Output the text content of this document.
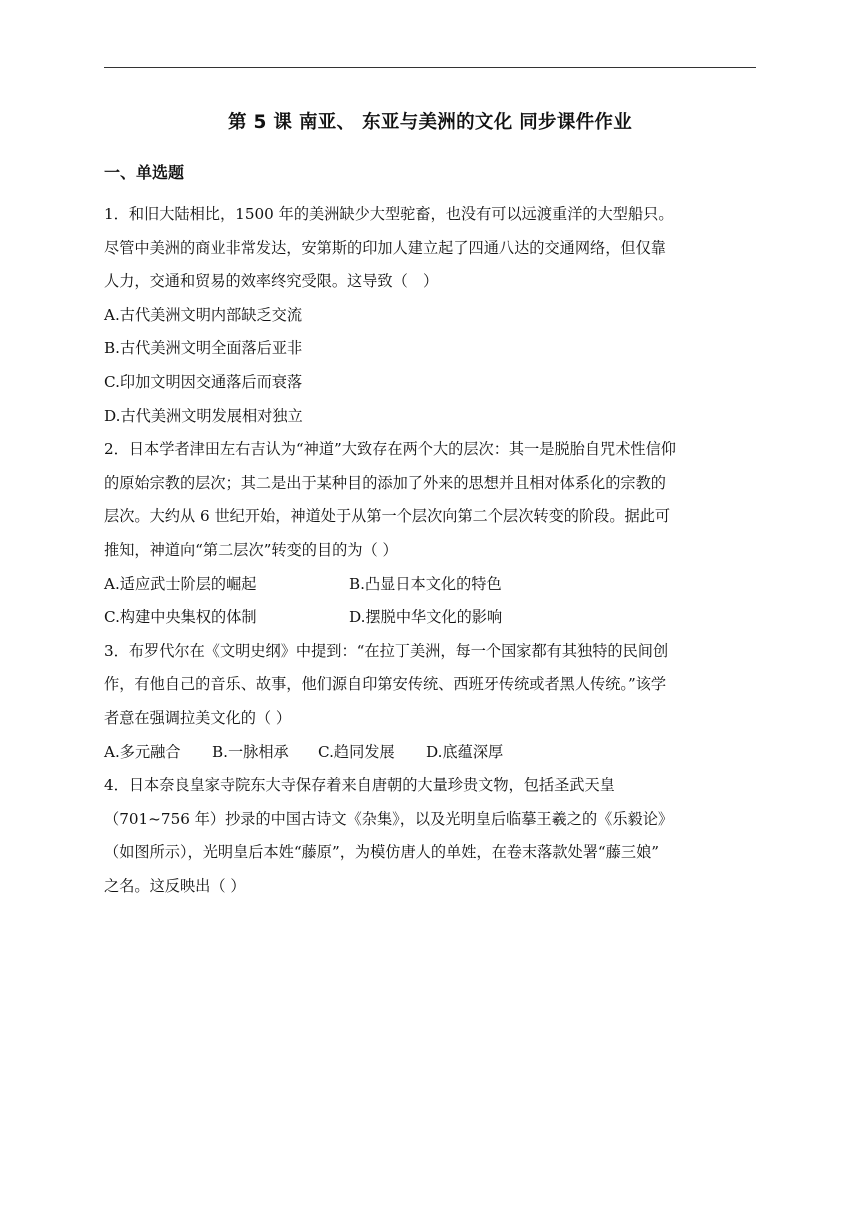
第 5 课 南亚、 东亚与美洲的文化 同步课件作业
一、单选题
1．和旧大陆相比，1500 年的美洲缺少大型驼畜，也没有可以远渡重洋的大型船只。
尽管中美洲的商业非常发达，安第斯的印加人建立起了四通八达的交通网络，但仅靠
人力，交通和贸易的效率终究受限。这导致（　）
A.古代美洲文明内部缺乏交流
B.古代美洲文明全面落后亚非
C.印加文明因交通落后而衰落
D.古代美洲文明发展相对独立
2．日本学者津田左右吉认为“神道”大致存在两个大的层次：其一是脱胎自咒术性信仰
的原始宗教的层次；其二是出于某种目的添加了外来的思想并且相对体系化的宗教的
层次。大约从 6 世纪开始，神道处于从第一个层次向第二个层次转变的阶段。据此可
推知，神道向“第二层次”转变的目的为（ ）
A.适应武士阶层的崛起	B.凸显日本文化的特色
C.构建中央集权的体制	D.摆脱中华文化的影响
3．布罗代尔在《文明史纲》中提到：“在拉丁美洲，每一个国家都有其独特的民间创
作，有他自己的音乐、故事，他们源自印第安传统、西班牙传统或者黑人传统。”该学
者意在强调拉美文化的（ ）
A.多元融合 B.一脉相承 C.趋同发展 D.底蕴深厚
4．日本奈良皇家寺院东大寺保存着来自唐朝的大量珍贵文物，包括圣武天皇
（701~756 年）抄录的中国古诗文《杂集》，以及光明皇后临摹王羲之的《乐毅论》
（如图所示），光明皇后本姓“藤原”，为模仿唐人的单姓，在卷末落款处署“藤三娘”
之名。这反映出（ ）
